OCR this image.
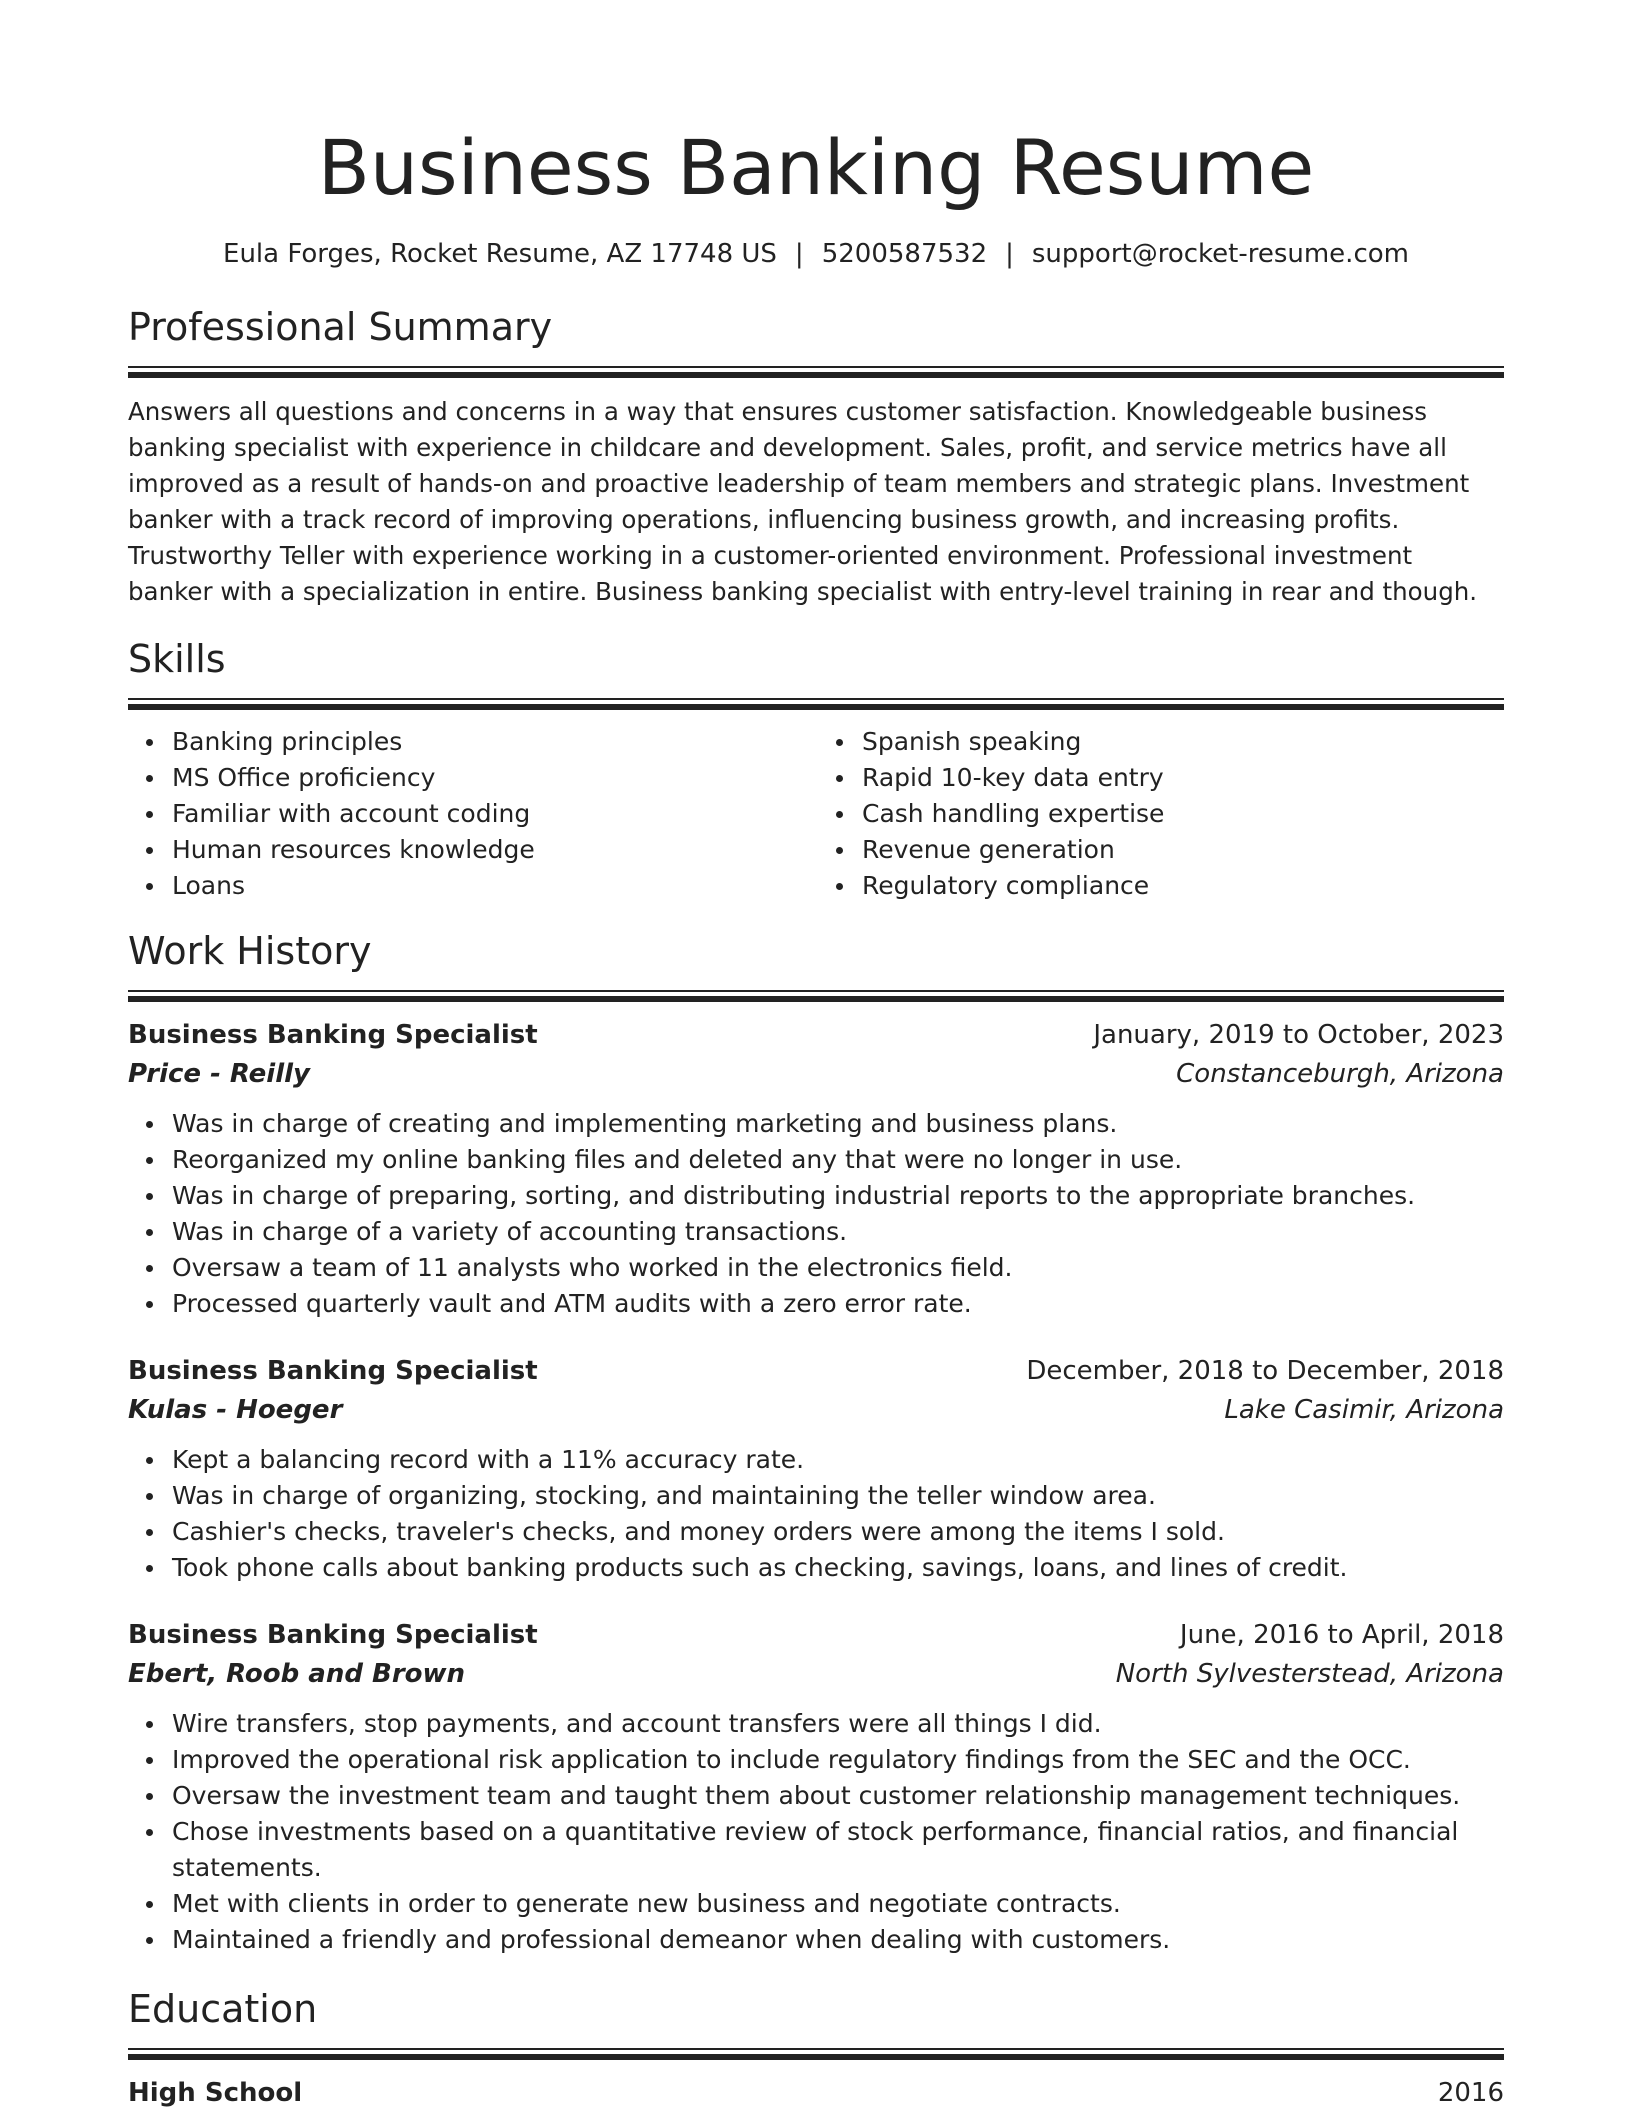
Business Banking Resume
Eula Forges, Rocket Resume, AZ 17748 US | 5200587532 | support@rocket-resume.com
Professional Summary

Answers all questions and concerns in a way that ensures customer satisfaction. Knowledgeable business banking specialist with experience in childcare and development. Sales, profit, and service metrics have all improved as a result of hands-on and proactive leadership of team members and strategic plans. Investment banker with a track record of improving operations, influencing business growth, and increasing profits. Trustworthy Teller with experience working in a customer-oriented environment. Professional investment banker with a specialization in entire. Business banking specialist with entry-level training in rear and though.

Skills
Banking principles
MS Office proficiency
Familiar with account coding
Human resources knowledge
Loans
Spanish speaking
Rapid 10-key data entry
Cash handling expertise
Revenue generation
Regulatory compliance
Work History
Business Banking Specialist	January, 2019 to October, 2023
Price - Reilly	Constanceburgh, Arizona
Was in charge of creating and implementing marketing and business plans.
Reorganized my online banking files and deleted any that were no longer in use.
Was in charge of preparing, sorting, and distributing industrial reports to the appropriate branches.
Was in charge of a variety of accounting transactions.
Oversaw a team of 11 analysts who worked in the electronics field.
Processed quarterly vault and ATM audits with a zero error rate.
Business Banking Specialist	December, 2018 to December, 2018
Kulas - Hoeger	Lake Casimir, Arizona
Kept a balancing record with a 11% accuracy rate.
Was in charge of organizing, stocking, and maintaining the teller window area.
Cashier's checks, traveler's checks, and money orders were among the items I sold.
Took phone calls about banking products such as checking, savings, loans, and lines of credit.
Business Banking Specialist	June, 2016 to April, 2018
Ebert, Roob and Brown	North Sylvesterstead, Arizona
Wire transfers, stop payments, and account transfers were all things I did.
Improved the operational risk application to include regulatory findings from the SEC and the OCC.
Oversaw the investment team and taught them about customer relationship management techniques.
Chose investments based on a quantitative review of stock performance, financial ratios, and financial statements.
Met with clients in order to generate new business and negotiate contracts.
Maintained a friendly and professional demeanor when dealing with customers.
Education
High School	2016
